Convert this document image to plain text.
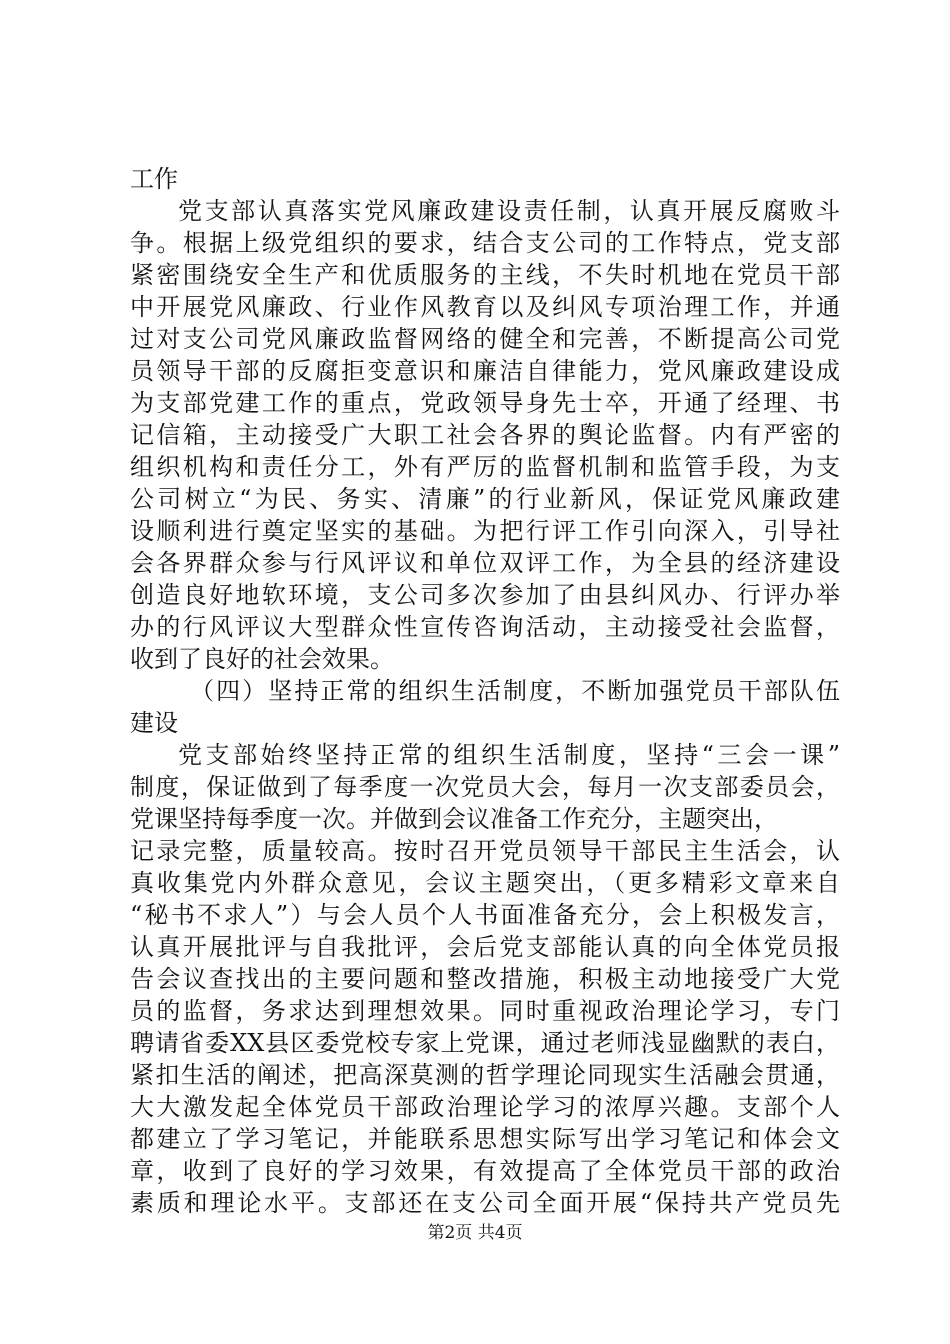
工作
党支部认真落实党风廉政建设责任制，认真开展反腐败斗
争。根据上级党组织的要求，结合支公司的工作特点，党支部
紧密围绕安全生产和优质服务的主线，不失时机地在党员干部
中开展党风廉政、行业作风教育以及纠风专项治理工作，并通
过对支公司党风廉政监督网络的健全和完善，不断提高公司党
员领导干部的反腐拒变意识和廉洁自律能力，党风廉政建设成
为支部党建工作的重点，党政领导身先士卒，开通了经理、书
记信箱，主动接受广大职工社会各界的舆论监督。内有严密的
组织机构和责任分工，外有严厉的监督机制和监管手段，为支
公司树立“为民、务实、清廉”的行业新风，保证党风廉政建
设顺利进行奠定坚实的基础。为把行评工作引向深入，引导社
会各界群众参与行风评议和单位双评工作，为全县的经济建设
创造良好地软环境，支公司多次参加了由县纠风办、行评办举
办的行风评议大型群众性宣传咨询活动，主动接受社会监督，
收到了良好的社会效果。
（四）坚持正常的组织生活制度，不断加强党员干部队伍
建设
党支部始终坚持正常的组织生活制度，坚持“三会一课”
制度，保证做到了每季度一次党员大会，每月一次支部委员会，
党课坚持每季度一次。并做到会议准备工作充分，主题突出，
记录完整，质量较高。按时召开党员领导干部民主生活会，认
真收集党内外群众意见，会议主题突出，（更多精彩文章来自
“秘书不求人”）与会人员个人书面准备充分，会上积极发言，
认真开展批评与自我批评，会后党支部能认真的向全体党员报
告会议查找出的主要问题和整改措施，积极主动地接受广大党
员的监督，务求达到理想效果。同时重视政治理论学习，专门
聘请省委XX县区委党校专家上党课，通过老师浅显幽默的表白，
紧扣生活的阐述，把高深莫测的哲学理论同现实生活融会贯通，
大大激发起全体党员干部政治理论学习的浓厚兴趣。支部个人
都建立了学习笔记，并能联系思想实际写出学习笔记和体会文
章，收到了良好的学习效果，有效提高了全体党员干部的政治
素质和理论水平。支部还在支公司全面开展“保持共产党员先
第2页 共4页
